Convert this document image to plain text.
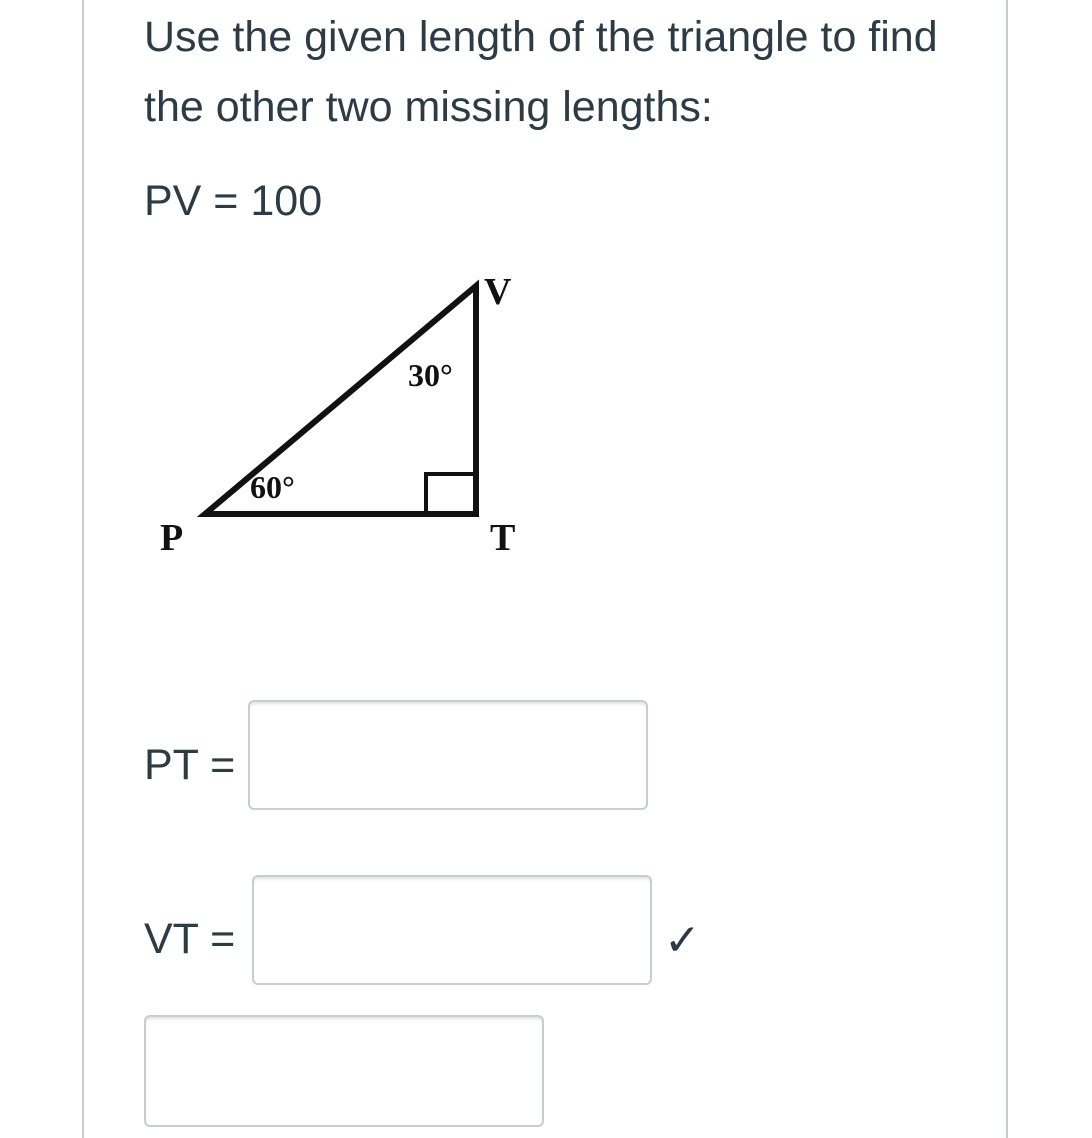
Use the given length of the triangle to find the other two missing lengths:

PV = 100

V
P	T
30°
60°

PT =

VT =	✓
